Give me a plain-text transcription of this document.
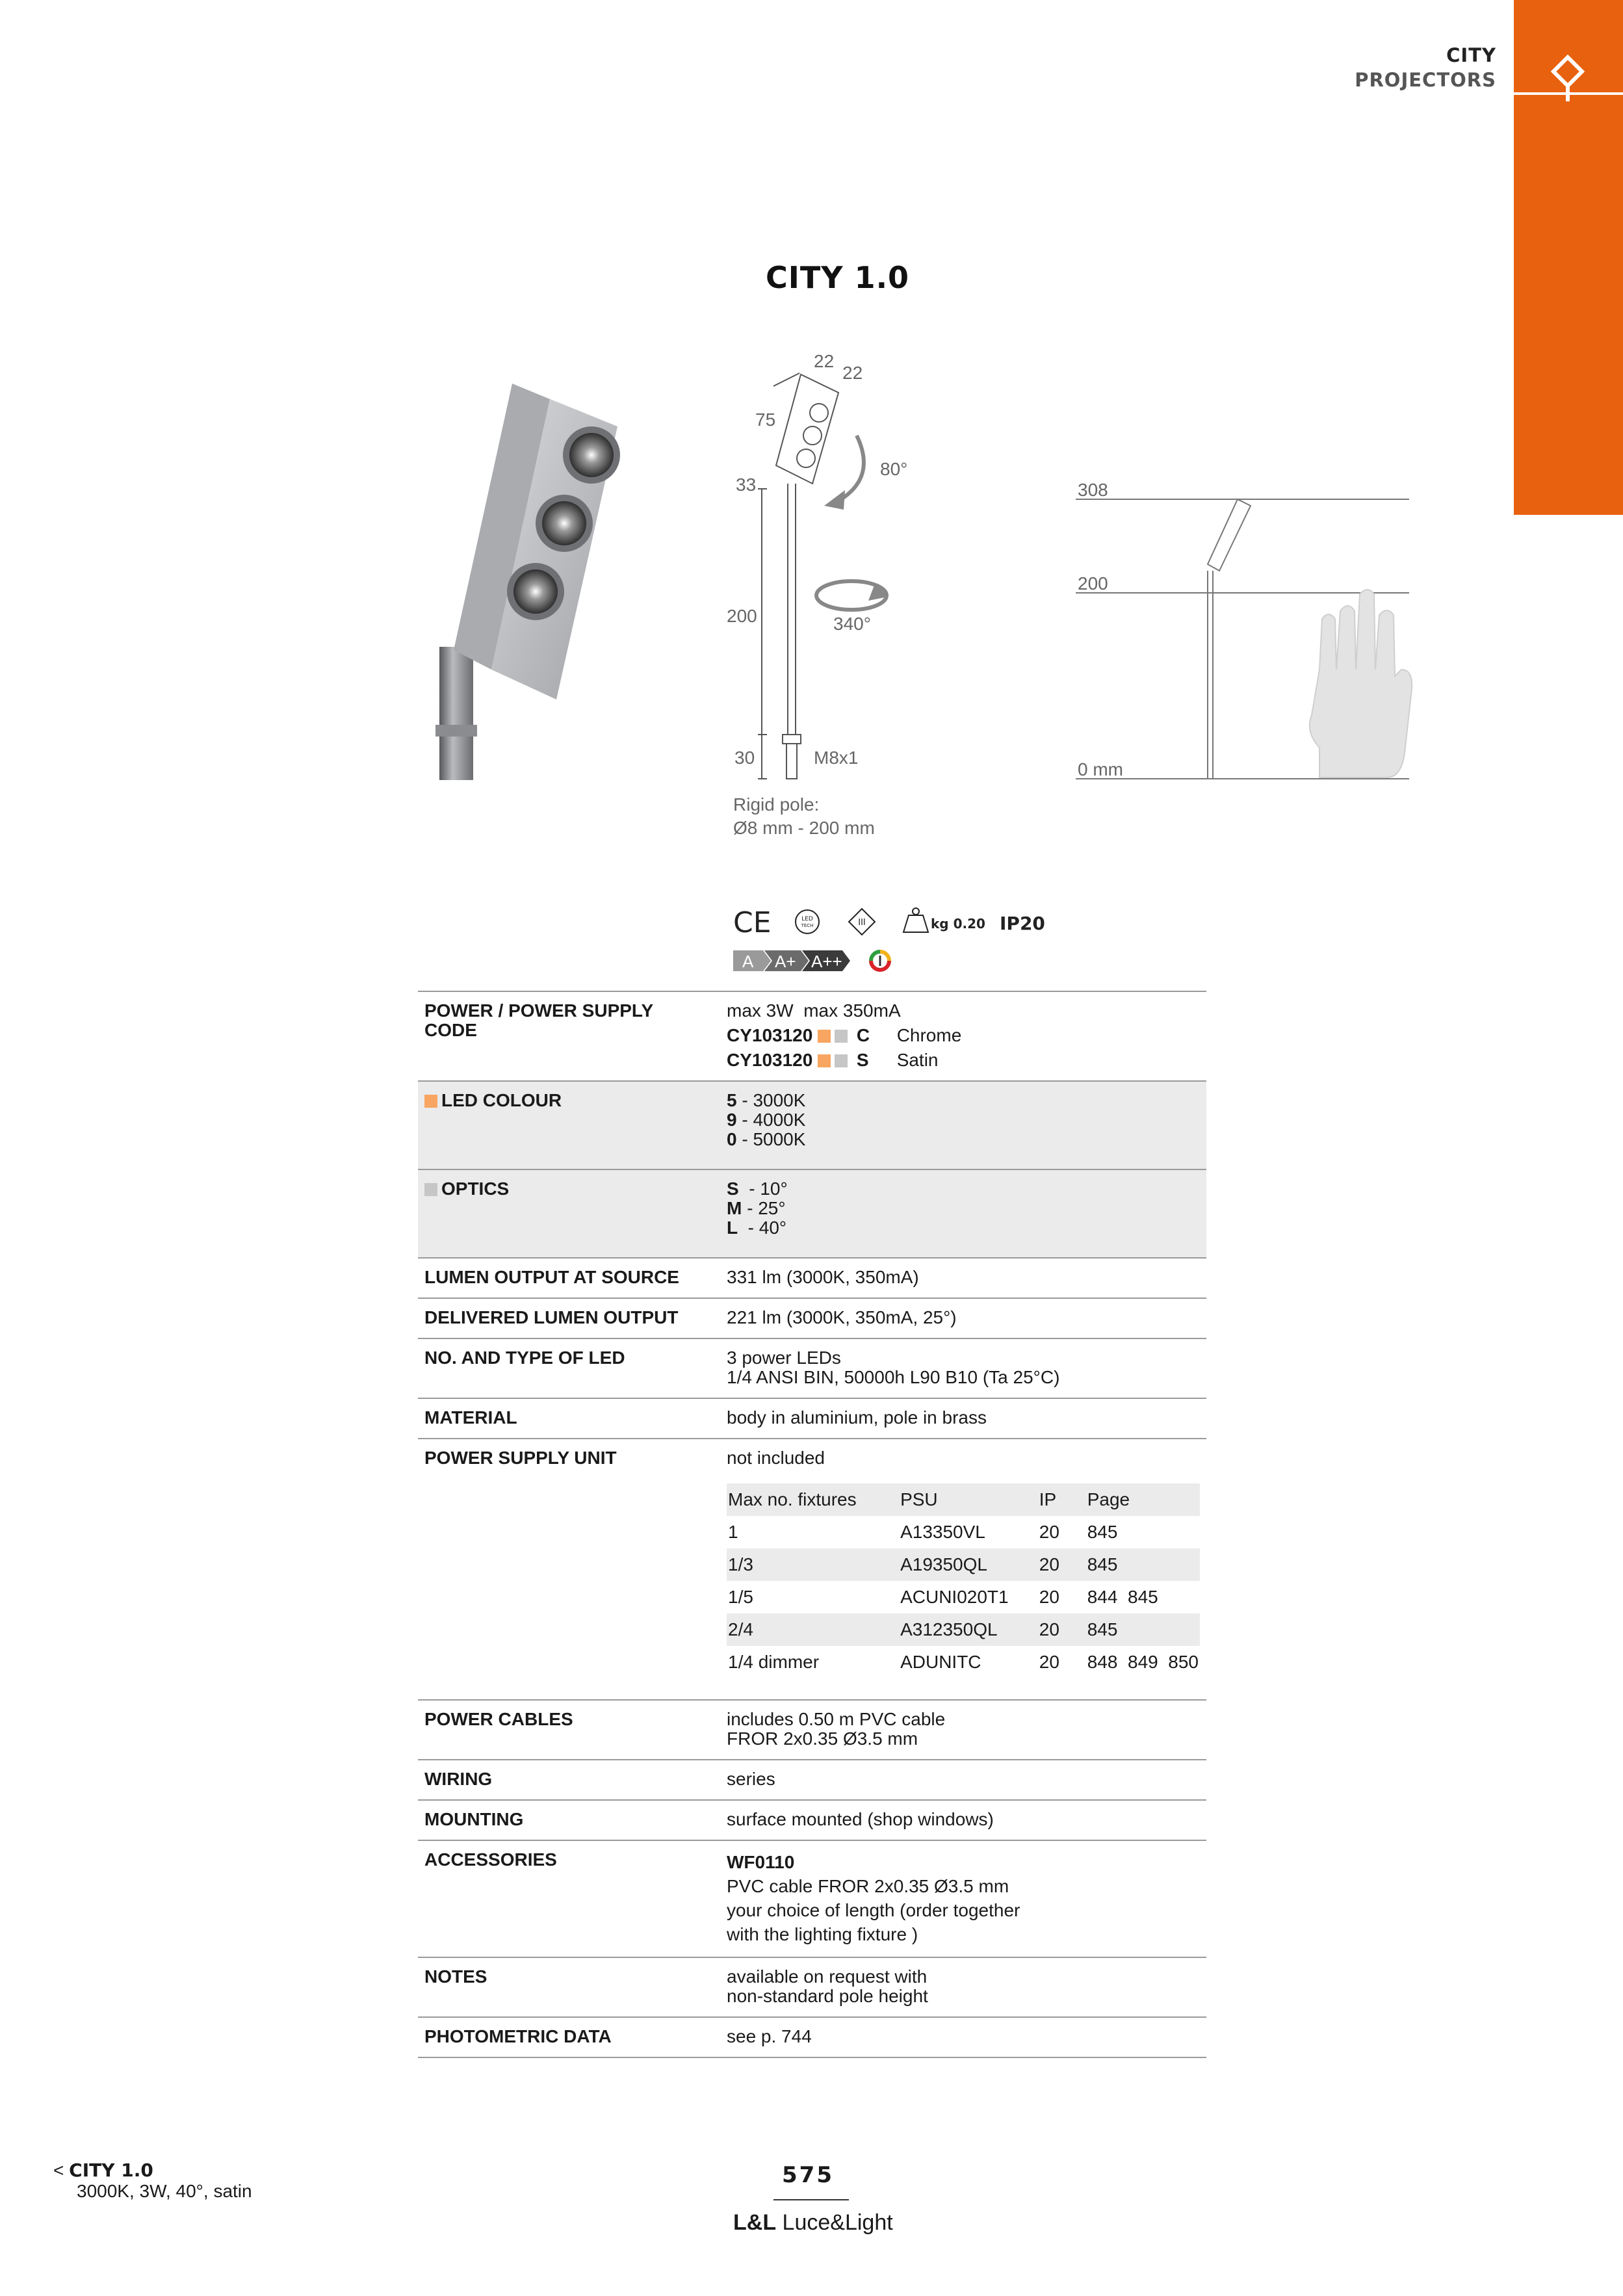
CITY
PROJECTORS
CITY 1.0
22
22
75
33
80°
200	340°
30	M8x1
Rigid pole:
Ø8 mm - 200 mm
308
200
0 mm
CE	LED
TECH	III	kg 0.20 IP20
A A+ A++
POWER / POWER SUPPLY
CODE

max 3W  max 350mA
CY103120 C Chrome
CY103120 S Satin

LED COLOUR	5 - 3000K
9 - 4000K
0 - 5000K

OPTICS	S  - 10°
M - 25°
L  - 40°

LUMEN OUTPUT AT SOURCE	331 lm (3000K, 350mA)
DELIVERED LUMEN OUTPUT	221 lm (3000K, 350mA, 25°)
NO. AND TYPE OF LED	3 power LEDs
1/4 ANSI BIN, 50000h L90 B10 (Ta 25°C)

MATERIAL	body in aluminium, pole in brass
POWER SUPPLY UNIT	not included
Max no. fixtures	PSU	IP	Page
1	A13350VL	20	845
1/3	A19350QL	20	845
1/5	ACUNI020T1	20	844  845
2/4	A312350QL	20	845
1/4 dimmer	ADUNITC	20	848  849  850

POWER CABLES	includes 0.50 m PVC cable
FROR 2x0.35 Ø3.5 mm

WIRING	series
MOUNTING	surface mounted (shop windows)
ACCESSORIES	WF0110
PVC cable FROR 2x0.35 Ø3.5 mm
your choice of length (order together
with the lighting fixture )

NOTES	available on request with
non-standard pole height

PHOTOMETRIC DATA	see p. 744
< CITY 1.0
3000K, 3W, 40°, satin
575
L&L Luce&Light
